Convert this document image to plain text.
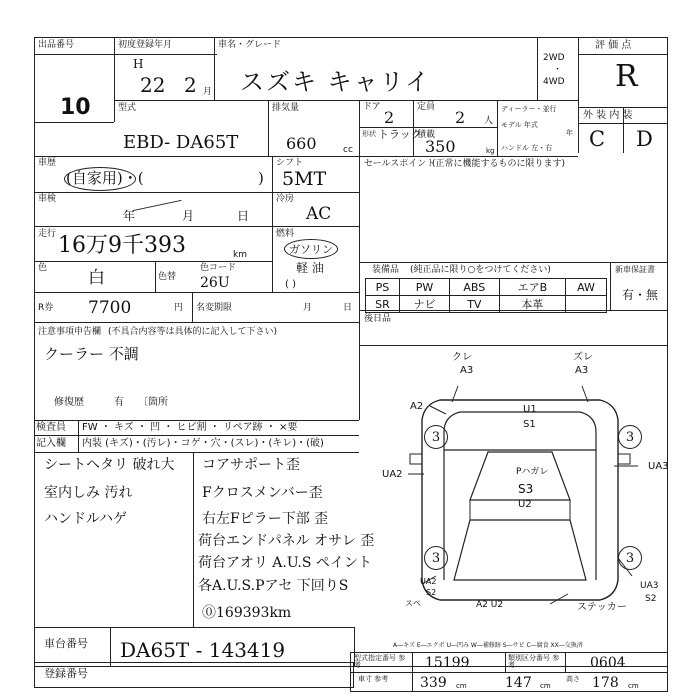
出品番号
10
初度登録年月
H
22 2 月
車名・グレード
スズキ キャリイ
2WD
・
4WD
評 価 点
R
外 装 内 装
C D
型式
EBD- DA65T
排気量
660	cc
ドア
2
定員
2 人
形状 トラック
積載
350	kg
ディーラー・並行
モデル 年式
年
ハンドル 左・右
車歴
(自家用)・(	)
シフト
5MT
車検
年	月	日
冷房
AC
走行 16万9千393	km
燃料
ガソリン
軽 油
( )
色 白	色替
色コード
26U
R券 7700	円 名変期限	月	日
セールスポイント
(正常に機能するものに限ります)
装備品 (純正品に限り○をつけてください)	新車保証書
有・無
PS	PW	ABS	エアB	AW
SR	ナビ	TV	本革	
後日品
注意事項申告欄 (不具合内容等は具体的に記入して下さい)
クーラー 不調
修復歴	有 〔箇所
検査員 FW ・ キズ ・ 凹 ・ ヒビ割 ・ リペア跡 ・ ×要
記入欄 内装 (キズ)・(汚レ)・コゲ・穴・(スレ)・(キレ)・(破)
シートヘタリ 破れ大
室内しみ 汚れ
ハンドルハゲ
コアサポート歪
Fクロスメンバー歪
右左Fピラー下部 歪
荷台エンドパネル オサレ 歪
荷台アオリ A.U.S ペイント
各A.U.S.Pアセ 下回りS
⓪169393km
クレ
A3
ズレ
A3
A2	U1
S1
UA2	Pハガレ
S3
U2
UA3
UA2
S2
スペ
UA3
S2
ステッカー
A2 U2
3	3
3	3
A―キズ E―エクボ U―凹み W―補修跡 S―サビ C―腐食 XX―交換済
車台番号 DA65T - 143419
登録番号
型式指定番号 参考	15199	類別区分番号 参考	0604
車寸 参考 339 cm	147 cm
高さ 178 cm
